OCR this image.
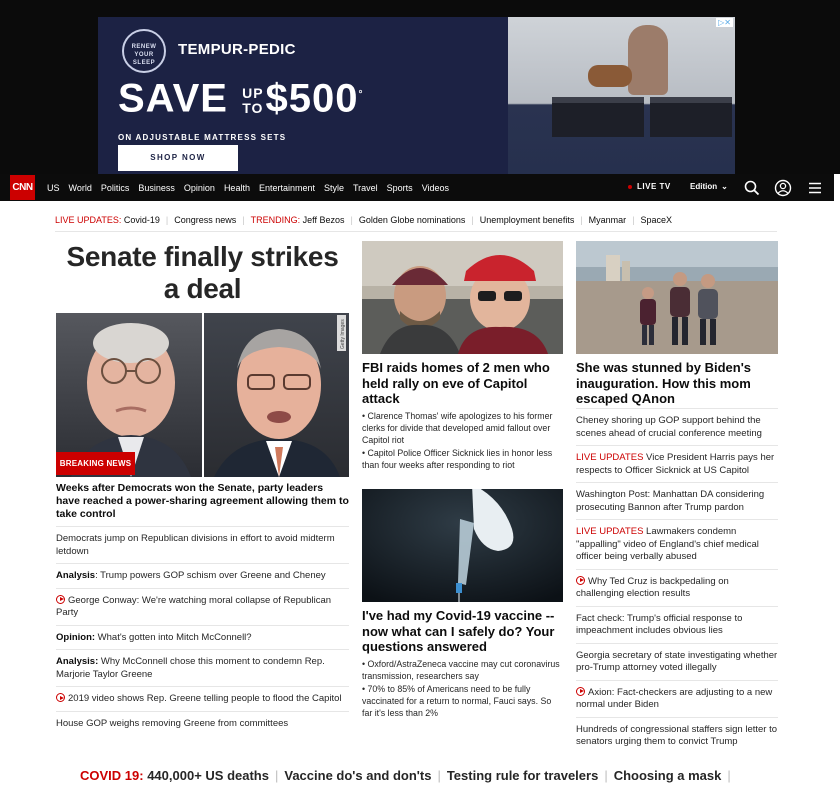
RENEW YOUR SLEEP
TEMPUR-PEDIC
SAVE UP
TO$500°
ON ADJUSTABLE MATTRESS SETS
SHOP NOW
▷✕
CNN US World Politics Business Opinion Health Entertainment Style Travel Sports Videos	LIVE TV Edition ⌄
LIVE UPDATES:
Covid-19 | Congress news | TRENDING:
Jeff Bezos | Golden Globe nominations | Unemployment benefits | Myanmar | SpaceX
Senate finally strikes
a deal
Getty Images
BREAKING NEWS
Weeks after Democrats won the Senate, party leaders have reached a power-sharing agreement allowing them to take control
Democrats jump on Republican divisions in effort to avoid midterm letdown
Analysis: Trump powers GOP schism over Greene and Cheney
George Conway: We're watching moral collapse of Republican Party
Opinion: What's gotten into Mitch McConnell?
Analysis: Why McConnell chose this moment to condemn Rep. Marjorie Taylor Greene
2019 video shows Rep. Greene telling people to flood the Capitol
House GOP weighs removing Greene from committees
FBI raids homes of 2 men who held rally on eve of Capitol attack
• Clarence Thomas' wife apologizes to his former clerks for divide that developed amid fallout over Capitol riot
• Capitol Police Officer Sicknick lies in honor less than four weeks after responding to riot
I've had my Covid-19 vaccine -- now what can I safely do? Your questions answered
• Oxford/AstraZeneca vaccine may cut coronavirus transmission, researchers say
• 70% to 85% of Americans need to be fully vaccinated for a return to normal, Fauci says. So far it's less than 2%
She was stunned by Biden's inauguration. How this mom escaped QAnon
Cheney shoring up GOP support behind the scenes ahead of crucial conference meeting
LIVE UPDATES Vice President Harris pays her respects to Officer Sicknick at US Capitol
Washington Post: Manhattan DA considering prosecuting Bannon after Trump pardon
LIVE UPDATES Lawmakers condemn "appalling" video of England's chief medical officer being verbally abused
Why Ted Cruz is backpedaling on challenging election results
Fact check: Trump's official response to impeachment includes obvious lies
Georgia secretary of state investigating whether pro-Trump attorney voted illegally
Axion: Fact-checkers are adjusting to a new normal under Biden
Hundreds of congressional staffers sign letter to senators urging them to convict Trump
COVID 19: 440,000+ US deaths | Vaccine do's and don'ts | Testing rule for travelers | Choosing a mask |
